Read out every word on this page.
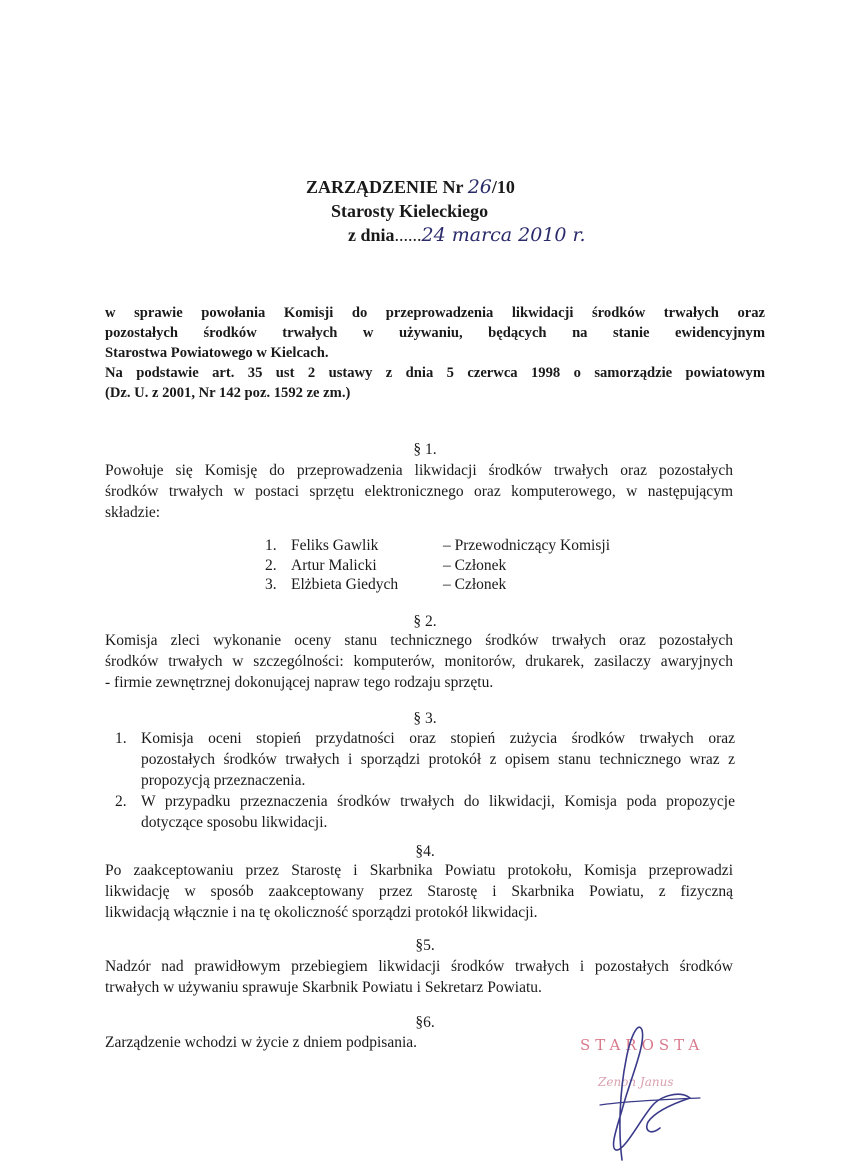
ZARZĄDZENIE Nr 26/10
Starosty Kieleckiego
z dnia......24 marca 2010 r.

w sprawie powołania Komisji do przeprowadzenia likwidacji środków trwałych oraz

pozostałych środków trwałych w używaniu, będących na stanie ewidencyjnym

Starostwa Powiatowego w Kielcach.

Na podstawie art. 35 ust 2 ustawy z dnia 5 czerwca 1998 o samorządzie powiatowym

(Dz. U. z 2001, Nr 142 poz. 1592 ze zm.)

§ 1.
Powołuje się Komisję do przeprowadzenia likwidacji środków trwałych oraz pozostałych
środków trwałych w postaci sprzętu elektronicznego oraz komputerowego, w następującym
składzie:
1. Feliks Gawlik	– Przewodniczący Komisji
2. Artur Malicki	– Członek
3. Elżbieta Giedych	– Członek
§ 2.
Komisja zleci wykonanie oceny stanu technicznego środków trwałych oraz pozostałych
środków trwałych w szczególności: komputerów, monitorów, drukarek, zasilaczy awaryjnych
- firmie zewnętrznej dokonującej napraw tego rodzaju sprzętu.
§ 3.
1. Komisja oceni stopień przydatności oraz stopień zużycia środków trwałych oraz
pozostałych środków trwałych i sporządzi protokół z opisem stanu technicznego wraz z
propozycją przeznaczenia.
2. W przypadku przeznaczenia środków trwałych do likwidacji, Komisja poda propozycje
dotyczące sposobu likwidacji.
§4.
Po zaakceptowaniu przez Starostę i Skarbnika Powiatu protokołu, Komisja przeprowadzi
likwidację w sposób zaakceptowany przez Starostę i Skarbnika Powiatu, z fizyczną
likwidacją włącznie i na tę okoliczność sporządzi protokół likwidacji.
§5.
Nadzór nad prawidłowym przebiegiem likwidacji środków trwałych i pozostałych środków
trwałych w używaniu sprawuje Skarbnik Powiatu i Sekretarz Powiatu.
§6.
Zarządzenie wchodzi w życie z dniem podpisania.	STAROSTA
Zenon Janus
